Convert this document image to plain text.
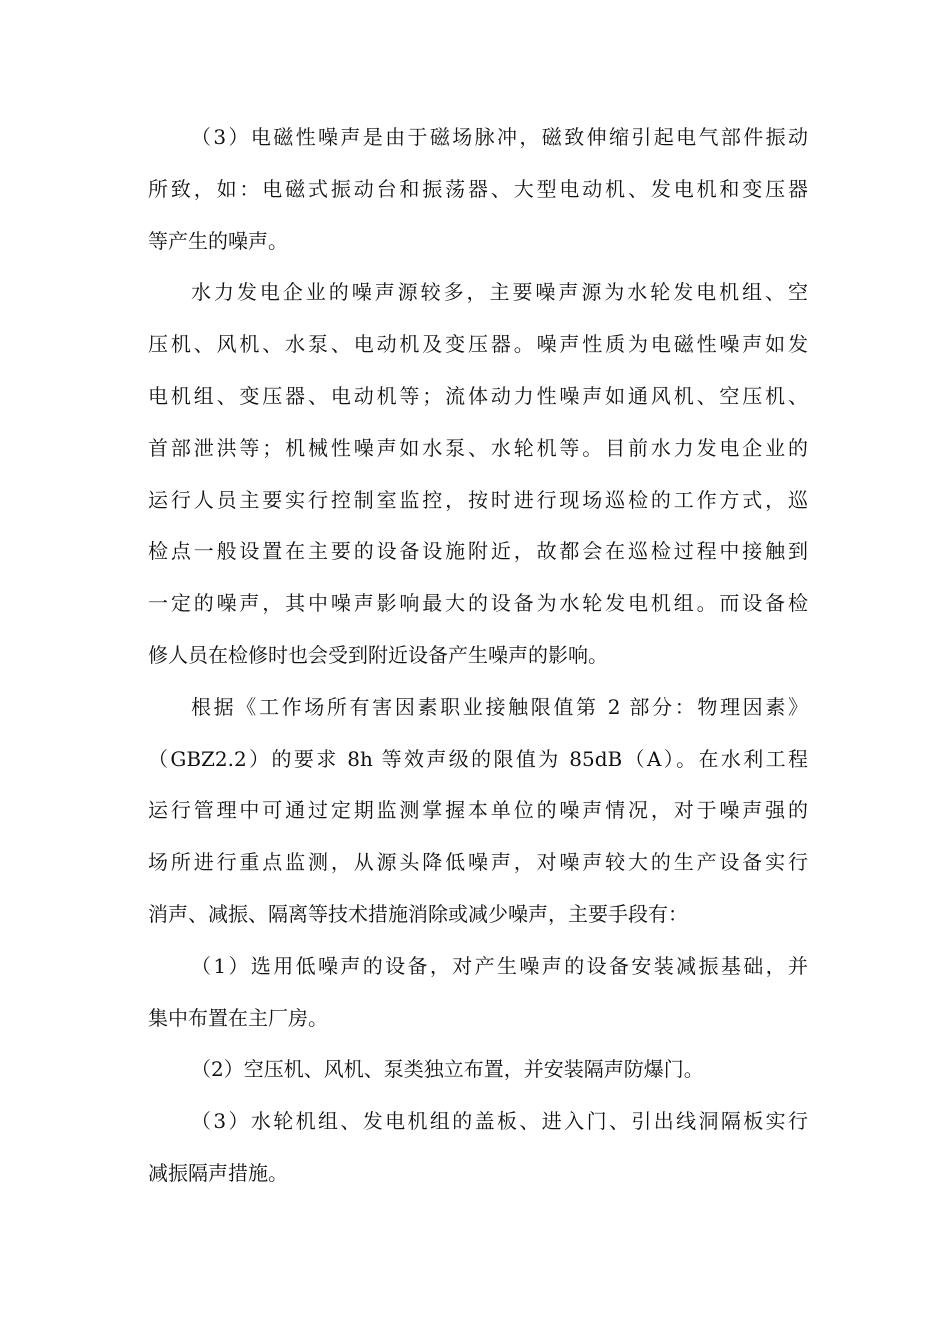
（3）电磁性噪声是由于磁场脉冲，磁致伸缩引起电气部件振动
所致，如：电磁式振动台和振荡器、大型电动机、发电机和变压器
等产生的噪声。
水力发电企业的噪声源较多，主要噪声源为水轮发电机组、空
压机、风机、水泵、电动机及变压器。噪声性质为电磁性噪声如发
电机组、变压器、电动机等；流体动力性噪声如通风机、空压机、
首部泄洪等；机械性噪声如水泵、水轮机等。目前水力发电企业的
运行人员主要实行控制室监控，按时进行现场巡检的工作方式，巡
检点一般设置在主要的设备设施附近，故都会在巡检过程中接触到
一定的噪声，其中噪声影响最大的设备为水轮发电机组。而设备检
修人员在检修时也会受到附近设备产生噪声的影响。
根据《工作场所有害因素职业接触限值第 2 部分：物理因素》
（GBZ2.2）的要求 8h 等效声级的限值为 85dB（A）。在水利工程
运行管理中可通过定期监测掌握本单位的噪声情况，对于噪声强的
场所进行重点监测，从源头降低噪声，对噪声较大的生产设备实行
消声、减振、隔离等技术措施消除或减少噪声，主要手段有：
（1）选用低噪声的设备，对产生噪声的设备安装减振基础，并
集中布置在主厂房。
（2）空压机、风机、泵类独立布置，并安装隔声防爆门。
（3）水轮机组、发电机组的盖板、进入门、引出线洞隔板实行
减振隔声措施。
